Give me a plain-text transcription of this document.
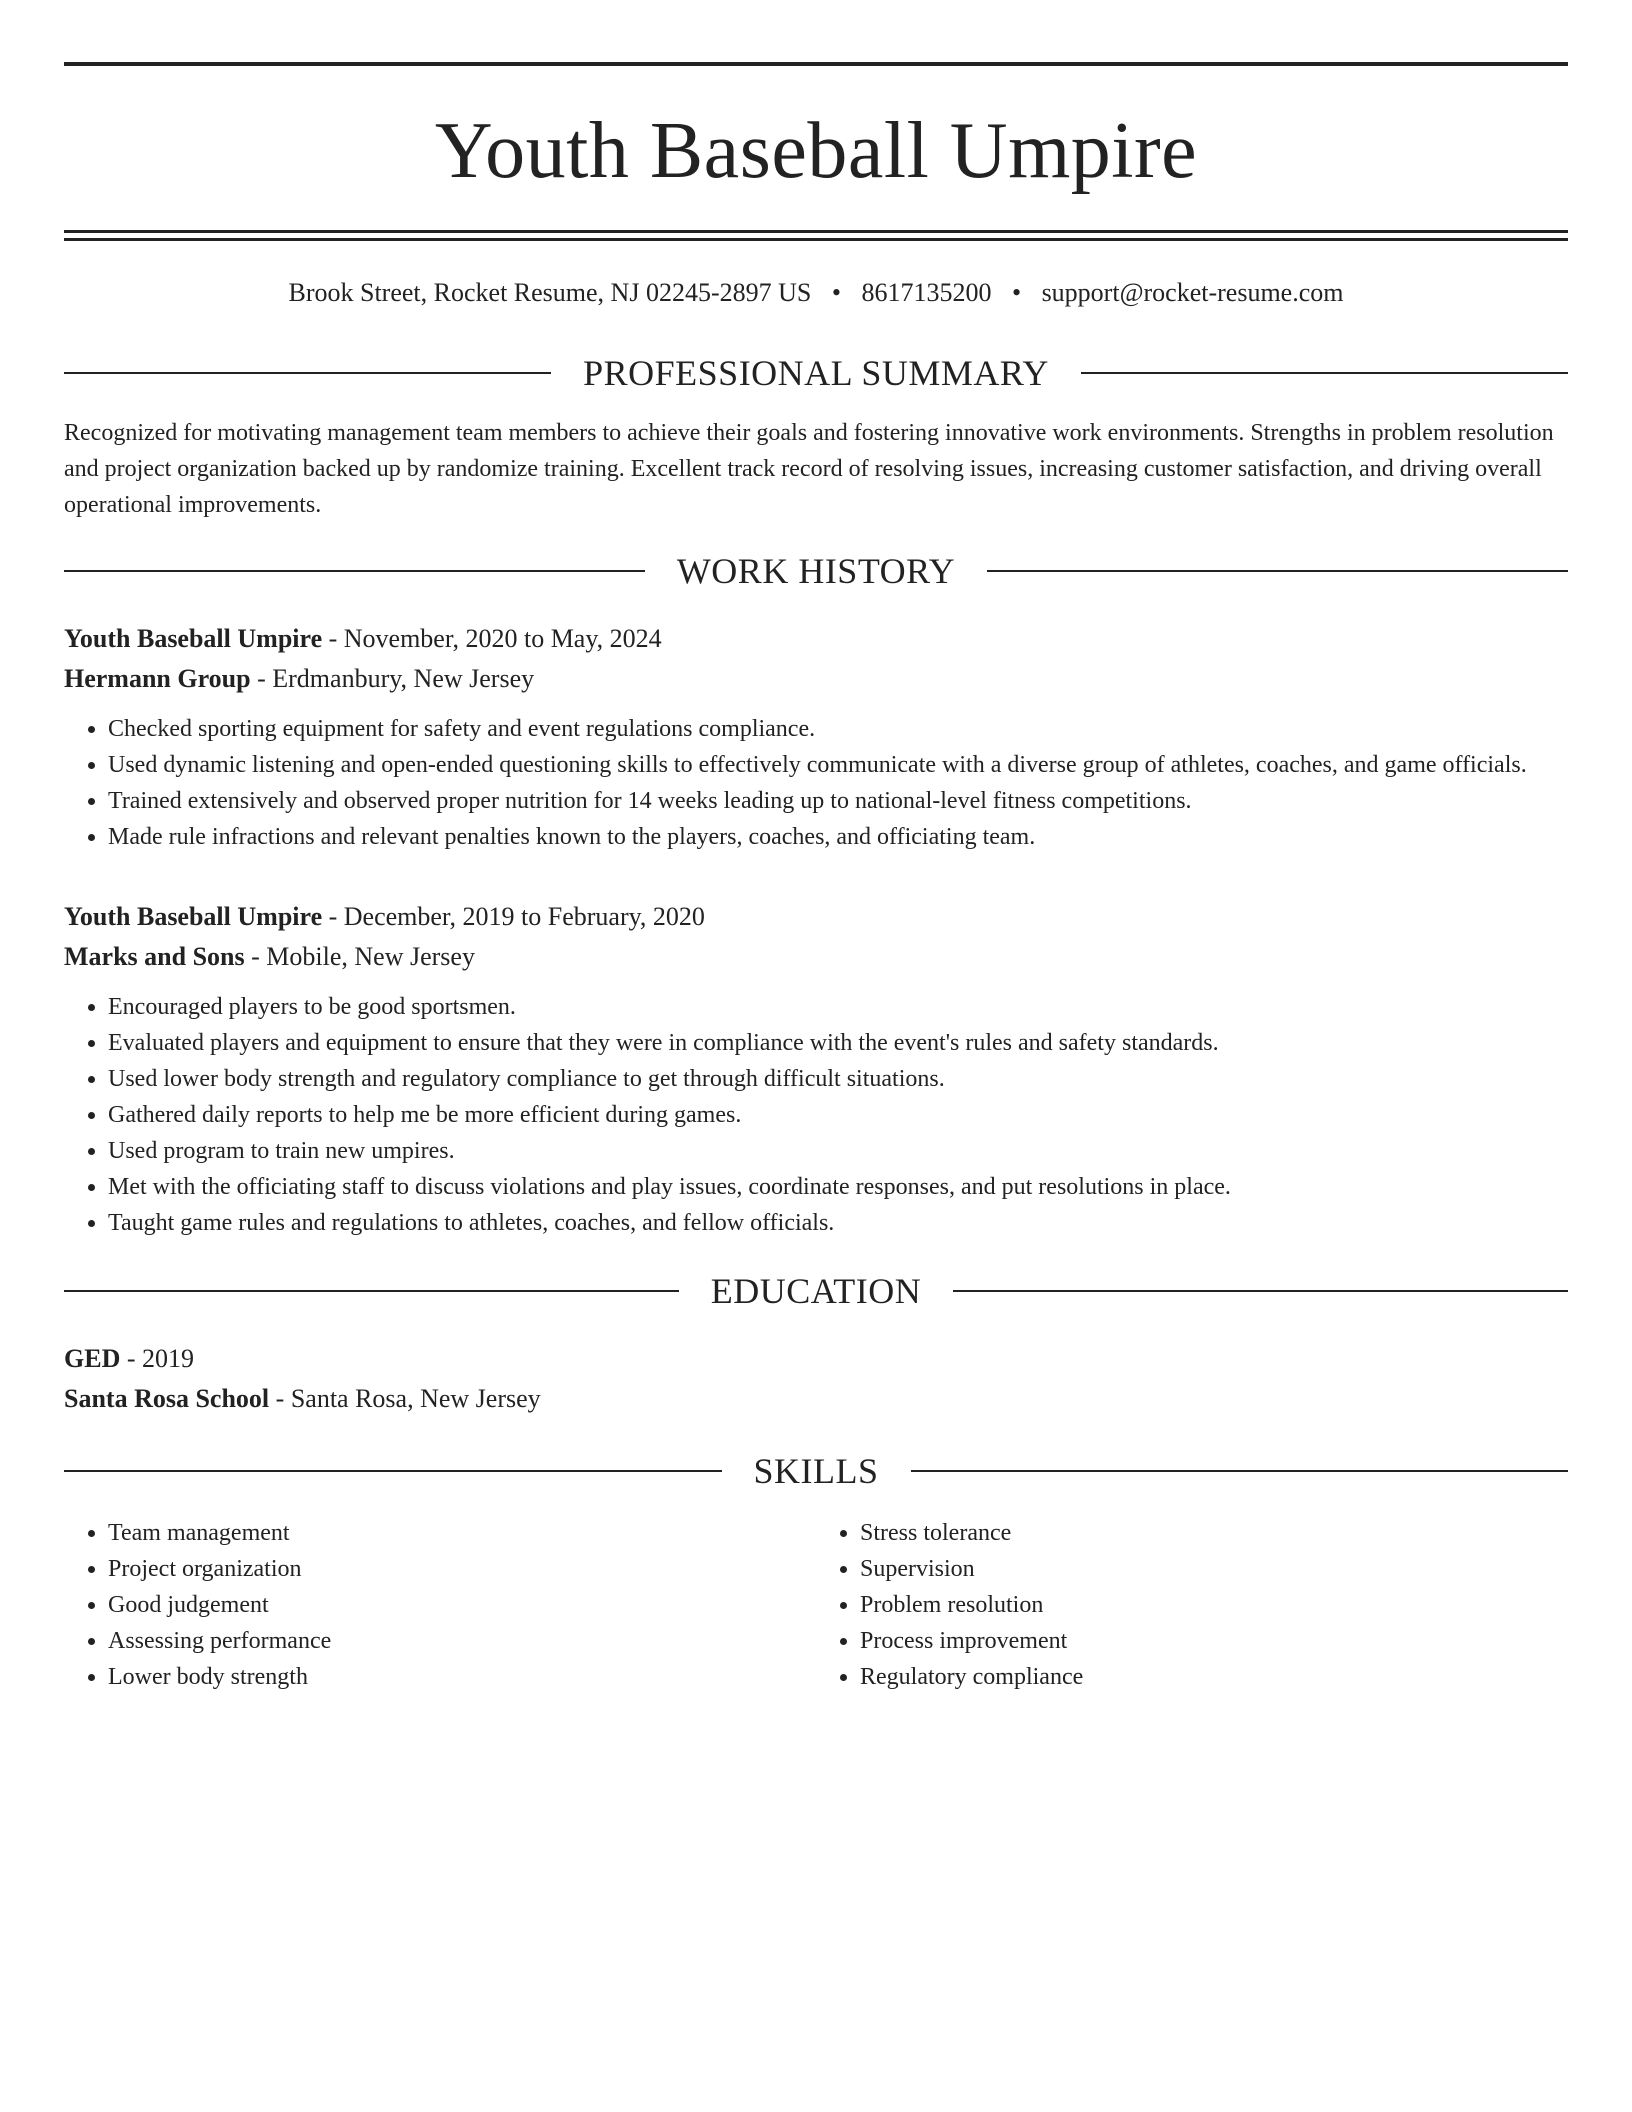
Youth Baseball Umpire
Brook Street, Rocket Resume, NJ 02245-2897 US • 8617135200 • support@rocket-resume.com
PROFESSIONAL SUMMARY

Recognized for motivating management team members to achieve their goals and fostering innovative work environments. Strengths in problem resolution and project organization backed up by randomize training. Excellent track record of resolving issues, increasing customer satisfaction, and driving overall operational improvements.

WORK HISTORY
Youth Baseball Umpire - November, 2020 to May, 2024
Hermann Group - Erdmanbury, New Jersey
• Checked sporting equipment for safety and event regulations compliance.
• Used dynamic listening and open-ended questioning skills to effectively communicate with a diverse group of athletes, coaches, and game officials.
• Trained extensively and observed proper nutrition for 14 weeks leading up to national-level fitness competitions.
• Made rule infractions and relevant penalties known to the players, coaches, and officiating team.
Youth Baseball Umpire - December, 2019 to February, 2020
Marks and Sons - Mobile, New Jersey
• Encouraged players to be good sportsmen.
• Evaluated players and equipment to ensure that they were in compliance with the event's rules and safety standards.
• Used lower body strength and regulatory compliance to get through difficult situations.
• Gathered daily reports to help me be more efficient during games.
• Used program to train new umpires.
• Met with the officiating staff to discuss violations and play issues, coordinate responses, and put resolutions in place.
• Taught game rules and regulations to athletes, coaches, and fellow officials.
EDUCATION
GED - 2019
Santa Rosa School - Santa Rosa, New Jersey
SKILLS
• Team management
• Project organization
• Good judgement
• Assessing performance
• Lower body strength
• Stress tolerance
• Supervision
• Problem resolution
• Process improvement
• Regulatory compliance
